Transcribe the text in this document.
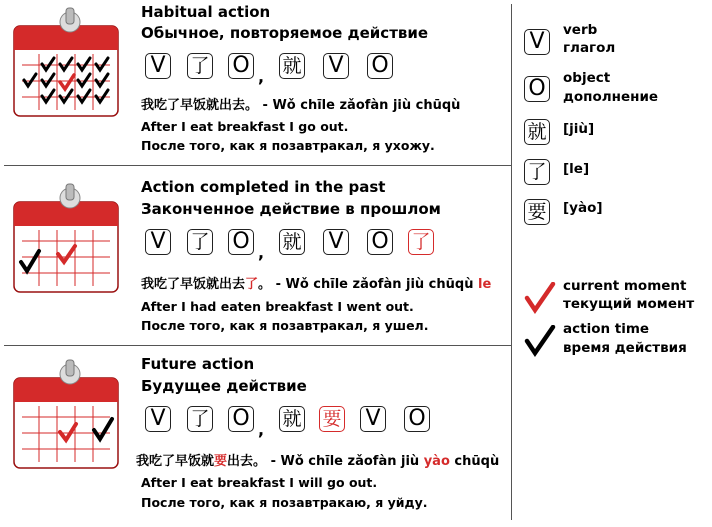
Habitual action
Обычное, повторяемое действие
V 了 O , 就 V O
我吃了早饭就出去。 - Wǒ chīle zǎofàn jiù chūqù
After I eat breakfast I go out.
После того, как я позавтракал, я ухожу.
Action completed in the past
Законченное действие в прошлом
V 了 O , 就 V O 了
我吃了早饭就出去了。 - Wǒ chīle zǎofàn jiù chūqù le
After I had eaten breakfast I went out.
После того, как я позавтракал, я ушел.
Future action
Будущее действие
V 了 O , 就 要 V O
我吃了早饭就要出去。 - Wǒ chīle zǎofàn jiù yào chūqù
After I eat breakfast I will go out.
После того, как я позавтракаю, я уйду.
V	verb
глагол
O	object
дополнение
就 [jiù]
了 [le]
要 [yào]
current moment
текущий момент
action time
время действия
